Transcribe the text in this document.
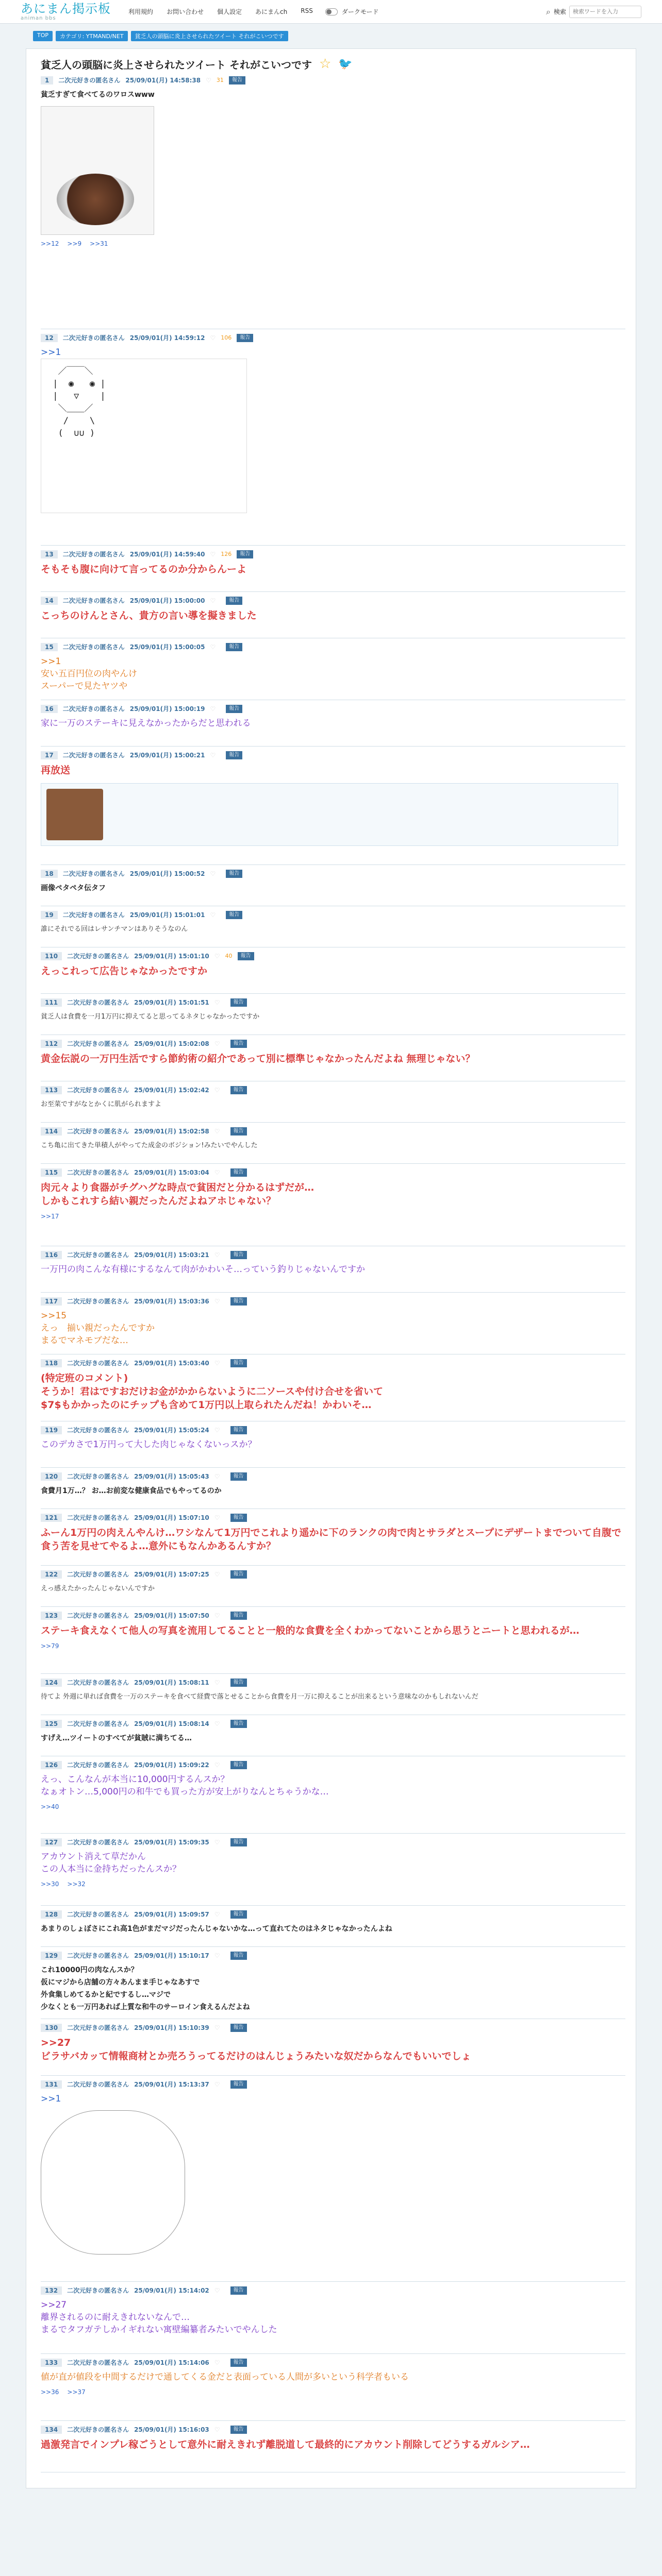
あにまん掲示板
animan bbs
利用規約 お問い合わせ 個人設定 あにまんch RSS	ダークモード	⌕ 検索
検索ワードを入力
TOP	カテゴリ: YTMAND/NET	貧乏人の頭脳に炎上させられたツイート それがこいつです
貧乏人の頭脳に炎上させられたツイート それがこいつです ☆ 🐦
1	二次元好きの匿名さん 25/09/01(月) 14:58:38 ♡ 31	報告
貧乏すぎて食べてるのワロスwww
>>12 >>9 >>31
12	二次元好きの匿名さん 25/09/01(月) 14:59:12 ♡ 106	報告
>>1
／￣￣＼
|  ◉   ◉ |
|   ▽    |
＼＿＿／
/    \
(  ∪∪ )
13	二次元好きの匿名さん 25/09/01(月) 14:59:40 ♡ 126	報告
そもそも腹に向けて言ってるのか分からんーよ
14	二次元好きの匿名さん 25/09/01(月) 15:00:00 ♡	報告
こっちのけんとさん、貴方の言い導を擬きました
15	二次元好きの匿名さん 25/09/01(月) 15:00:05 ♡	報告
>>1
安い五百円位の肉やんけ
スーパーで見たヤツや
16	二次元好きの匿名さん 25/09/01(月) 15:00:19 ♡	報告
家に一万のステーキに見えなかったからだと思われる
17	二次元好きの匿名さん 25/09/01(月) 15:00:21 ♡	報告
再放送
18	二次元好きの匿名さん 25/09/01(月) 15:00:52 ♡	報告
画像ペタペタ伝タフ
19	二次元好きの匿名さん 25/09/01(月) 15:01:01 ♡	報告
誰にそれでる回はレサンチマンはありそうなのん
110	二次元好きの匿名さん 25/09/01(月) 15:01:10 ♡ 40	報告
えっこれって広告じゃなかったですか
111	二次元好きの匿名さん 25/09/01(月) 15:01:51 ♡	報告
貧乏人は食費を一月1万円に抑えてると思ってるネタじゃなかったですか
112	二次元好きの匿名さん 25/09/01(月) 15:02:08 ♡	報告
黄金伝説の一万円生活ですら節約術の紹介であって別に標準じゃなかったんだよね 無理じゃない？
113	二次元好きの匿名さん 25/09/01(月) 15:02:42 ♡	報告
お至菜ですがなとかくに肌がられますよ
114	二次元好きの匿名さん 25/09/01(月) 15:02:58 ♡	報告
こち亀に出てきた単積人がやってた成金のボジション!みたいでやんした
115	二次元好きの匿名さん 25/09/01(月) 15:03:04 ♡	報告
肉元々より食器がチグハグな時点で貧困だと分かるはずだが…
しかもこれすら結い親だったんだよねアホじゃない？
>>17
116	二次元好きの匿名さん 25/09/01(月) 15:03:21 ♡	報告
一万円の肉こんな有様にするなんて肉がかわいそ…っていう釣りじゃないんですか
117	二次元好きの匿名さん 25/09/01(月) 15:03:36 ♡	報告
>>15
えっ　揃い親だったんですか
まるでマネモブだな…
118	二次元好きの匿名さん 25/09/01(月) 15:03:40 ♡	報告
(特定班のコメント)
そうか！君はですおだけお金がかからないように二ソースや付け合せを省いて
$7$もかかったのにチップも含めて1万円以上取られたんだね！かわいそ…
119	二次元好きの匿名さん 25/09/01(月) 15:05:24 ♡	報告
このデカさで1万円って大した肉じゃなくないっスか？
120	二次元好きの匿名さん 25/09/01(月) 15:05:43 ♡	報告
食費月1万…？ お…お前変な健康食品でもやってるのか
121	二次元好きの匿名さん 25/09/01(月) 15:07:10 ♡	報告
ふーん1万円の肉えんやんけ…ワシなんて1万円でこれより遥かに下のランクの肉で肉とサラダとスープにデザートまでついて自腹で食う苦を見せてやるよ…意外にもなんかあるんすか？
122	二次元好きの匿名さん 25/09/01(月) 15:07:25 ♡	報告
えっ感えたかったんじゃないんですか
123	二次元好きの匿名さん 25/09/01(月) 15:07:50 ♡	報告
ステーキ食えなくて他人の写真を流用してることと一般的な食費を全くわかってないことから思うとニートと思われるが…
>>79
124	二次元好きの匿名さん 25/09/01(月) 15:08:11 ♡	報告
待てよ 外週に単れば食費を一万のステーキを食べて経費で落とせることから食費を月一万に抑えることが出来るという意味なのかもしれないんだ
125	二次元好きの匿名さん 25/09/01(月) 15:08:14 ♡	報告
すげえ…ツイートのすべてが貧賊に満ちてる…
126	二次元好きの匿名さん 25/09/01(月) 15:09:22 ♡	報告
えっ、こんなんが本当に10,000円するんスか？
なぁオトン…5,000円の和牛でも買った方が安上がりなんとちゃうかな…
>>40
127	二次元好きの匿名さん 25/09/01(月) 15:09:35 ♡	報告
アカウント消えて草だかん
この人本当に金持ちだったんスか？
>>30 >>32
128	二次元好きの匿名さん 25/09/01(月) 15:09:57 ♡	報告
あまりのしょぼさにこれ高1色がまだマジだったんじゃないかな…って直れてたのはネタじゃなかったんよね
129	二次元好きの匿名さん 25/09/01(月) 15:10:17 ♡	報告
これ10000円の肉なんスか？
仮にマジから店舗の方々あんまま手じゃなあすで
外食集しめてるかと紀でするし…マジで
少なくとも一万円あれば上質な和牛のサーロイン食えるんだよね
130	二次元好きの匿名さん 25/09/01(月) 15:10:39 ♡	報告
>>27
ビラサバカッて情報商材とか売ろうってるだけのはんじょうみたいな奴だからなんでもいいでしょ
131	二次元好きの匿名さん 25/09/01(月) 15:13:37 ♡	報告
>>1
132	二次元好きの匿名さん 25/09/01(月) 15:14:02 ♡	報告
>>27
離界されるのに耐えきれないなんで…
まるでタフガテしかイギれない寓壁編纂者みたいでやんした
133	二次元好きの匿名さん 25/09/01(月) 15:14:06 ♡	報告
値が直が値段を中間するだけで通してくる金だと表面っている人間が多いという科学者もいる
>>36 >>37
134	二次元好きの匿名さん 25/09/01(月) 15:16:03 ♡	報告
過激発言でインプレ稼ごうとして意外に耐えきれず離脱道して最終的にアカウント削除してどうするガルシア…
